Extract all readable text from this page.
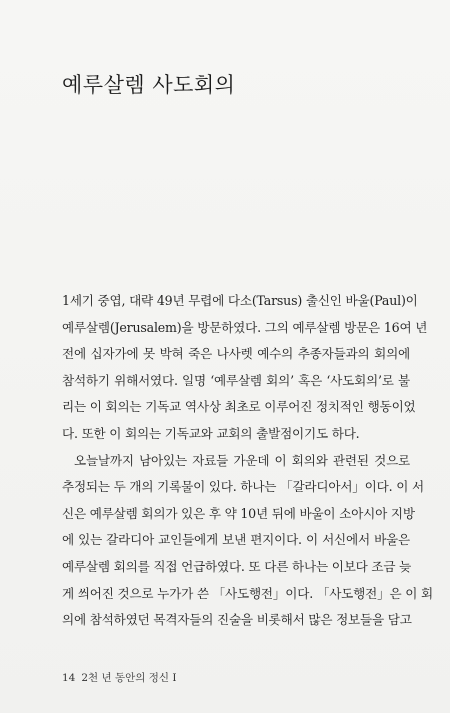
예루살렘 사도회의
1세기 중엽, 대략 49년 무렵에 다소(Tarsus) 출신인 바울(Paul)이
예루살렘(Jerusalem)을 방문하였다. 그의 예루살렘 방문은 16여 년
전에 십자가에 못 박혀 죽은 나사렛 예수의 추종자들과의 회의에
참석하기 위해서였다. 일명 ‘예루살렘 회의’ 혹은 ‘사도회의’로 불
리는 이 회의는 기독교 역사상 최초로 이루어진 정치적인 행동이었
다. 또한 이 회의는 기독교와 교회의 출발점이기도 하다.
오늘날까지 남아있는 자료들 가운데 이 회의와 관련된 것으로
추정되는 두 개의 기록물이 있다. 하나는 「갈라디아서」이다. 이 서
신은 예루살렘 회의가 있은 후 약 10년 뒤에 바울이 소아시아 지방
에 있는 갈라디아 교인들에게 보낸 편지이다. 이 서신에서 바울은
예루살렘 회의를 직접 언급하였다. 또 다른 하나는 이보다 조금 늦
게 씌어진 것으로 누가가 쓴 「사도행전」이다. 「사도행전」은 이 회
의에 참석하였던 목격자들의 진술을 비롯해서 많은 정보들을 담고
14 2천 년 동안의 정신 I
